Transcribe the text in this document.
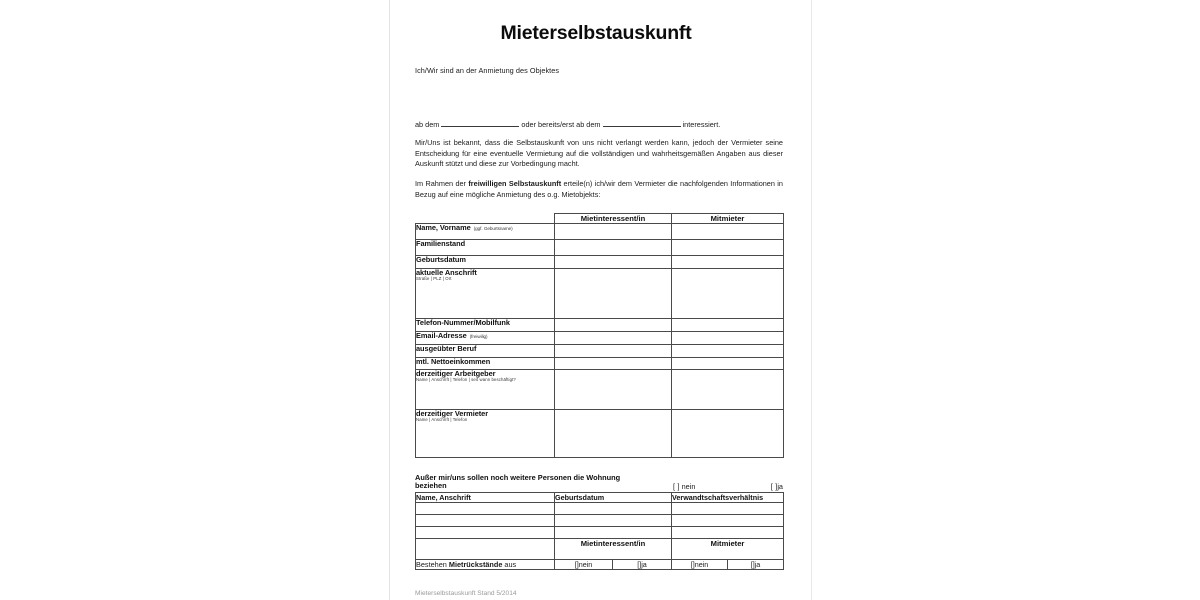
Mieterselbstauskunft
Ich/Wir sind an der Anmietung des Objektes
ab dem	oder bereits/erst ab dem	interessiert.
Mir/Uns ist bekannt, dass die Selbstauskunft von uns nicht verlangt werden kann, jedoch der Vermieter seine Entscheidung für eine eventuelle Vermietung auf die vollständigen und wahrheitsgemäßen Angaben aus dieser Auskunft stützt und diese zur Vorbedingung macht.
Im Rahmen der freiwilligen Selbstauskunft erteile(n) ich/wir dem Vermieter die nachfolgenden Informationen in Bezug auf eine mögliche Anmietung des o.g. Mietobjekts:
	Mietinteressent/in	Mitmieter
Name, Vorname (ggf. Geburtsname)		
Familienstand		
Geburtsdatum		
aktuelle Anschrift
Straße | PLZ | Ort		

Telefon-Nummer/Mobilfunk		
Email-Adresse (freiwilig)		
ausgeübter Beruf		
mtl. Nettoeinkommen		
derzeitiger Arbeitgeber
Name | Anschrift | Telefon | seit wann beschäftigt?		

derzeitiger Vermieter
Name | Anschrift | Telefon		

Außer mir/uns sollen noch weitere Personen die Wohnung
beziehen	[] nein	[]ja
Name, Anschrift	Geburtsdatum	Verwandtschaftsverhältnis

	Mietinteressent/in		Mitmieter	
Bestehen Mietrückstände aus	[]nein	[]ja	[]nein	[]ja
Mieterselbstauskunft Stand 5/2014
